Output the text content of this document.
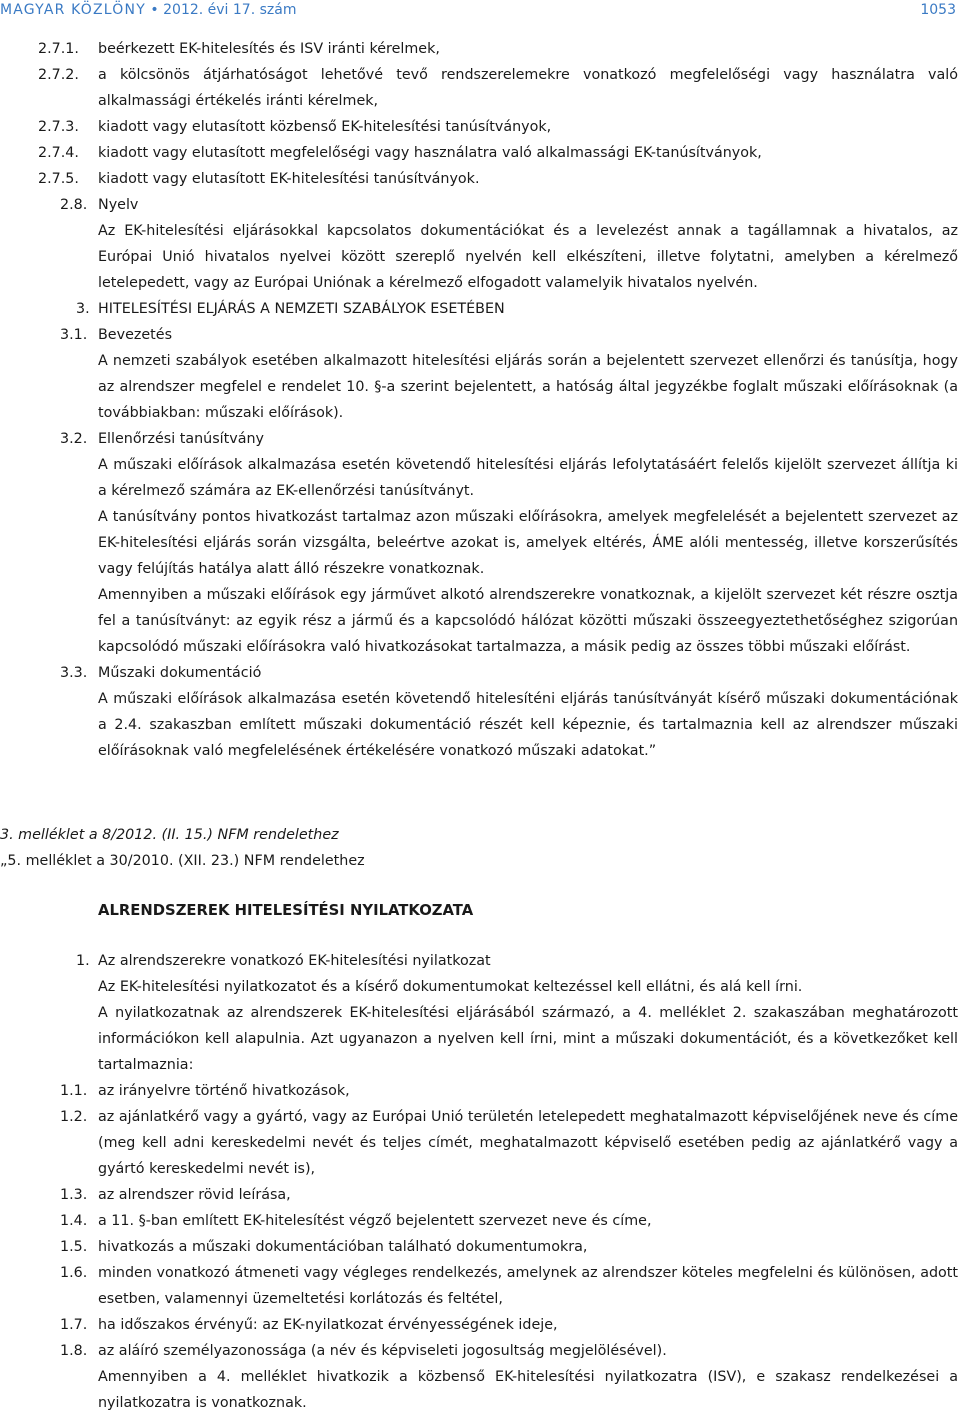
MAGYAR KÖZLÖNY • 2012. évi 17. szám	1053
2.7.1.	beérkezett EK-hitelesítés és ISV iránti kérelmek,
2.7.2.	a kölcsönös átjárhatóságot lehetővé tevő rendszerelemekre vonatkozó megfelelőségi vagy használatra való alkalmassági értékelés iránti kérelmek,
2.7.3.	kiadott vagy elutasított közbenső EK-hitelesítési tanúsítványok,
2.7.4.	kiadott vagy elutasított megfelelőségi vagy használatra való alkalmassági EK-tanúsítványok,
2.7.5.	kiadott vagy elutasított EK-hitelesítési tanúsítványok.
2.8. Nyelv
Az EK-hitelesítési eljárásokkal kapcsolatos dokumentációkat és a levelezést annak a tagállamnak a hivatalos, az Európai Unió hivatalos nyelvei között szereplő nyelvén kell elkészíteni, illetve folytatni, amelyben a kérelmező letelepedett, vagy az Európai Uniónak a kérelmező elfogadott valamelyik hivatalos nyelvén.
3. HITELESÍTÉSI ELJÁRÁS A NEMZETI SZABÁLYOK ESETÉBEN
3.1. Bevezetés
A nemzeti szabályok esetében alkalmazott hitelesítési eljárás során a bejelentett szervezet ellenőrzi és tanúsítja, hogy az alrendszer megfelel e rendelet 10. §-a szerint bejelentett, a hatóság által jegyzékbe foglalt műszaki előírásoknak (a továbbiakban: műszaki előírások).
3.2. Ellenőrzési tanúsítvány
A műszaki előírások alkalmazása esetén követendő hitelesítési eljárás lefolytatásáért felelős kijelölt szervezet állítja ki a kérelmező számára az EK-ellenőrzési tanúsítványt.
A tanúsítvány pontos hivatkozást tartalmaz azon műszaki előírásokra, amelyek megfelelését a bejelentett szervezet az EK-hitelesítési eljárás során vizsgálta, beleértve azokat is, amelyek eltérés, ÁME alóli mentesség, illetve korszerűsítés vagy felújítás hatálya alatt álló részekre vonatkoznak.
Amennyiben a műszaki előírások egy járművet alkotó alrendszerekre vonatkoznak, a kijelölt szervezet két részre osztja fel a tanúsítványt: az egyik rész a jármű és a kapcsolódó hálózat közötti műszaki összeegyeztethetőséghez szigorúan kapcsolódó műszaki előírásokra való hivatkozásokat tartalmazza, a másik pedig az összes többi műszaki előírást.
3.3. Műszaki dokumentáció
A műszaki előírások alkalmazása esetén követendő hitelesíténi eljárás tanúsítványát kísérő műszaki dokumentációnak a 2.4. szakaszban említett műszaki dokumentáció részét kell képeznie, és tartalmaznia kell az alrendszer műszaki előírásoknak való megfelelésének értékelésére vonatkozó műszaki adatokat.”
3. melléklet a 8/2012. (II. 15.) NFM rendelethez
„5. melléklet a 30/2010. (XII. 23.) NFM rendelethez
ALRENDSZEREK HITELESÍTÉSI NYILATKOZATA
1. Az alrendszerekre vonatkozó EK-hitelesítési nyilatkozat
Az EK-hitelesítési nyilatkozatot és a kísérő dokumentumokat keltezéssel kell ellátni, és alá kell írni.
A nyilatkozatnak az alrendszerek EK-hitelesítési eljárásából származó, a 4. melléklet 2. szakaszában meghatározott információkon kell alapulnia. Azt ugyanazon a nyelven kell írni, mint a műszaki dokumentációt, és a következőket kell tartalmaznia:
1.1. az irányelvre történő hivatkozások,
1.2. az ajánlatkérő vagy a gyártó, vagy az Európai Unió területén letelepedett meghatalmazott képviselőjének neve és címe (meg kell adni kereskedelmi nevét és teljes címét, meghatalmazott képviselő esetében pedig az ajánlatkérő vagy a gyártó kereskedelmi nevét is),
1.3. az alrendszer rövid leírása,
1.4. a 11. §-ban említett EK-hitelesítést végző bejelentett szervezet neve és címe,
1.5. hivatkozás a műszaki dokumentációban található dokumentumokra,
1.6. minden vonatkozó átmeneti vagy végleges rendelkezés, amelynek az alrendszer köteles megfelelni és különösen, adott esetben, valamennyi üzemeltetési korlátozás és feltétel,
1.7. ha időszakos érvényű: az EK-nyilatkozat érvényességének ideje,
1.8. az aláíró személyazonossága (a név és képviseleti jogosultság megjelölésével).
Amennyiben a 4. melléklet hivatkozik a közbenső EK-hitelesítési nyilatkozatra (ISV), e szakasz rendelkezései a nyilatkozatra is vonatkoznak.
